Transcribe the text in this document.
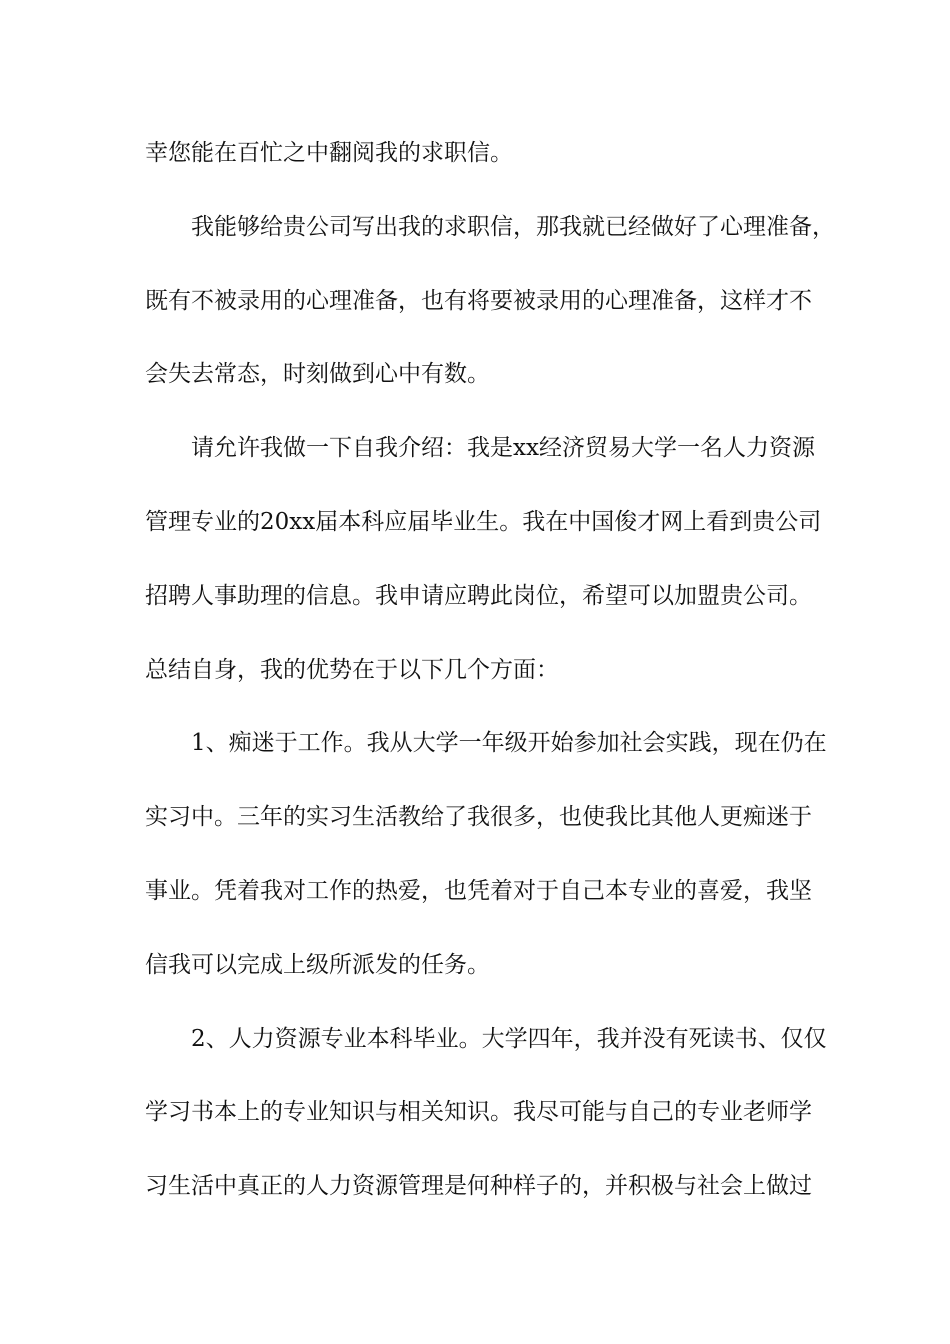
幸您能在百忙之中翻阅我的求职信。
我能够给贵公司写出我的求职信，那我就已经做好了心理准备，
既有不被录用的心理准备，也有将要被录用的心理准备，这样才不
会失去常态，时刻做到心中有数。
请允许我做一下自我介绍：我是xx经济贸易大学一名人力资源
管理专业的20xx届本科应届毕业生。我在中国俊才网上看到贵公司
招聘人事助理的信息。我申请应聘此岗位，希望可以加盟贵公司。
总结自身，我的优势在于以下几个方面：
1、痴迷于工作。我从大学一年级开始参加社会实践，现在仍在
实习中。三年的实习生活教给了我很多，也使我比其他人更痴迷于
事业。凭着我对工作的热爱，也凭着对于自己本专业的喜爱，我坚
信我可以完成上级所派发的任务。
2、人力资源专业本科毕业。大学四年，我并没有死读书、仅仅
学习书本上的专业知识与相关知识。我尽可能与自己的专业老师学
习生活中真正的人力资源管理是何种样子的，并积极与社会上做过
